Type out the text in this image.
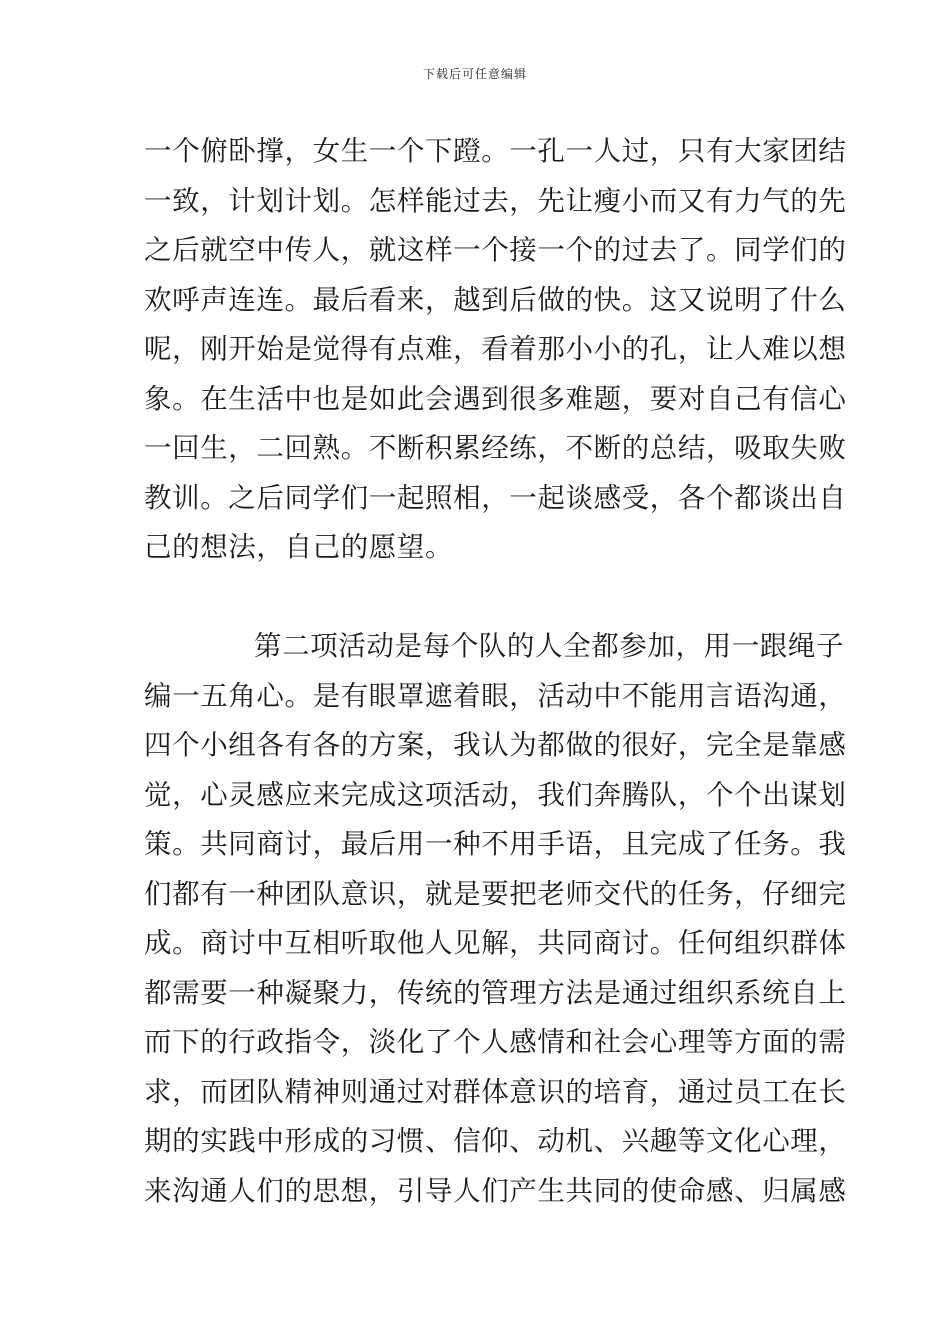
下载后可任意编辑
一个俯卧撑，女生一个下蹬。一孔一人过，只有大家团结
一致，计划计划。怎样能过去，先让瘦小而又有力气的先
之后就空中传人，就这样一个接一个的过去了。同学们的
欢呼声连连。最后看来，越到后做的快。这又说明了什么
呢，刚开始是觉得有点难，看着那小小的孔，让人难以想
象。在生活中也是如此会遇到很多难题，要对自己有信心
一回生，二回熟。不断积累经练，不断的总结，吸取失败
教训。之后同学们一起照相，一起谈感受，各个都谈出自
己的想法，自己的愿望。
第二项活动是每个队的人全都参加，用一跟绳子
编一五角心。是有眼罩遮着眼，活动中不能用言语沟通，
四个小组各有各的方案，我认为都做的很好，完全是靠感
觉，心灵感应来完成这项活动，我们奔腾队，个个出谋划
策。共同商讨，最后用一种不用手语，且完成了任务。我
们都有一种团队意识，就是要把老师交代的任务，仔细完
成。商讨中互相听取他人见解，共同商讨。任何组织群体
都需要一种凝聚力，传统的管理方法是通过组织系统自上
而下的行政指令，淡化了个人感情和社会心理等方面的需
求，而团队精神则通过对群体意识的培育，通过员工在长
期的实践中形成的习惯、信仰、动机、兴趣等文化心理，
来沟通人们的思想，引导人们产生共同的使命感、归属感
